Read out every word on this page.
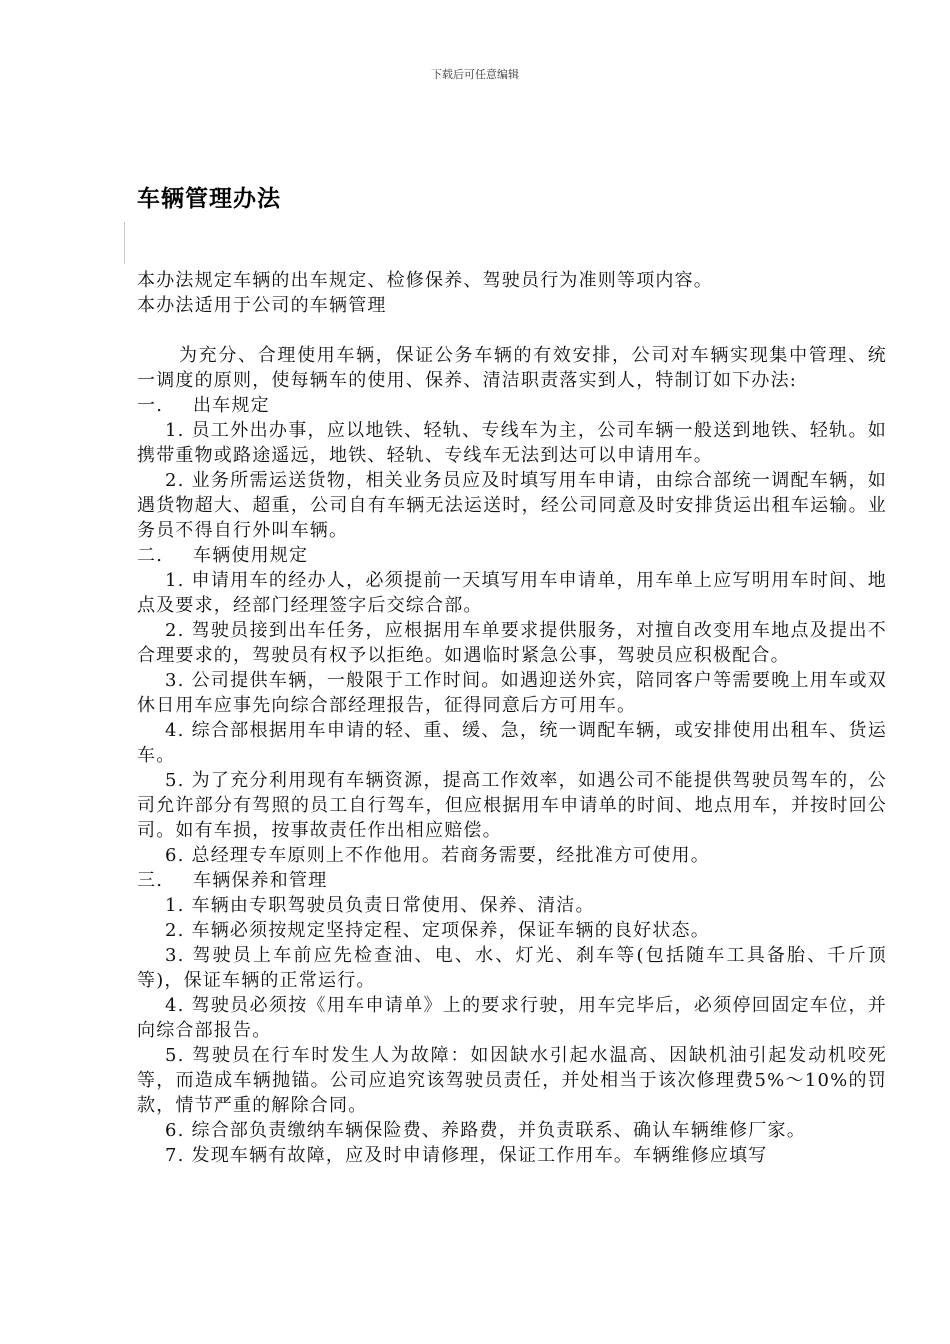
下载后可任意编辑
车辆管理办法

本办法规定车辆的出车规定、检修保养、驾驶员行为准则等项内容。

本办法适用于公司的车辆管理

为充分、合理使用车辆，保证公务车辆的有效安排，公司对车辆实现集中管理、统一调度的原则，使每辆车的使用、保养、清洁职责落实到人，特制订如下办法:

一. 出车规定

1. 员工外出办事，应以地铁、轻轨、专线车为主，公司车辆一般送到地铁、轻轨。如携带重物或路途遥远，地铁、轻轨、专线车无法到达可以申请用车。

2. 业务所需运送货物，相关业务员应及时填写用车申请，由综合部统一调配车辆，如遇货物超大、超重，公司自有车辆无法运送时，经公司同意及时安排货运出租车运输。业务员不得自行外叫车辆。

二. 车辆使用规定

1. 申请用车的经办人，必须提前一天填写用车申请单，用车单上应写明用车时间、地点及要求，经部门经理签字后交综合部。

2. 驾驶员接到出车任务，应根据用车单要求提供服务，对擅自改变用车地点及提出不合理要求的，驾驶员有权予以拒绝。如遇临时紧急公事，驾驶员应积极配合。

3. 公司提供车辆，一般限于工作时间。如遇迎送外宾，陪同客户等需要晚上用车或双休日用车应事先向综合部经理报告，征得同意后方可用车。

4. 综合部根据用车申请的轻、重、缓、急，统一调配车辆，或安排使用出租车、货运车。

5. 为了充分利用现有车辆资源，提高工作效率，如遇公司不能提供驾驶员驾车的，公司允许部分有驾照的员工自行驾车，但应根据用车申请单的时间、地点用车，并按时回公司。如有车损，按事故责任作出相应赔偿。

6. 总经理专车原则上不作他用。若商务需要，经批准方可使用。

三. 车辆保养和管理

1. 车辆由专职驾驶员负责日常使用、保养、清洁。

2. 车辆必须按规定坚持定程、定项保养，保证车辆的良好状态。

3. 驾驶员上车前应先检查油、电、水、灯光、刹车等(包括随车工具备胎、千斤顶等)，保证车辆的正常运行。

4. 驾驶员必须按《用车申请单》上的要求行驶，用车完毕后，必须停回固定车位，并向综合部报告。

5. 驾驶员在行车时发生人为故障：如因缺水引起水温高、因缺机油引起发动机咬死等，而造成车辆抛锚。公司应追究该驾驶员责任，并处相当于该次修理费5%～10%的罚款，情节严重的解除合同。

6. 综合部负责缴纳车辆保险费、养路费，并负责联系、确认车辆维修厂家。

7. 发现车辆有故障，应及时申请修理，保证工作用车。车辆维修应填写
